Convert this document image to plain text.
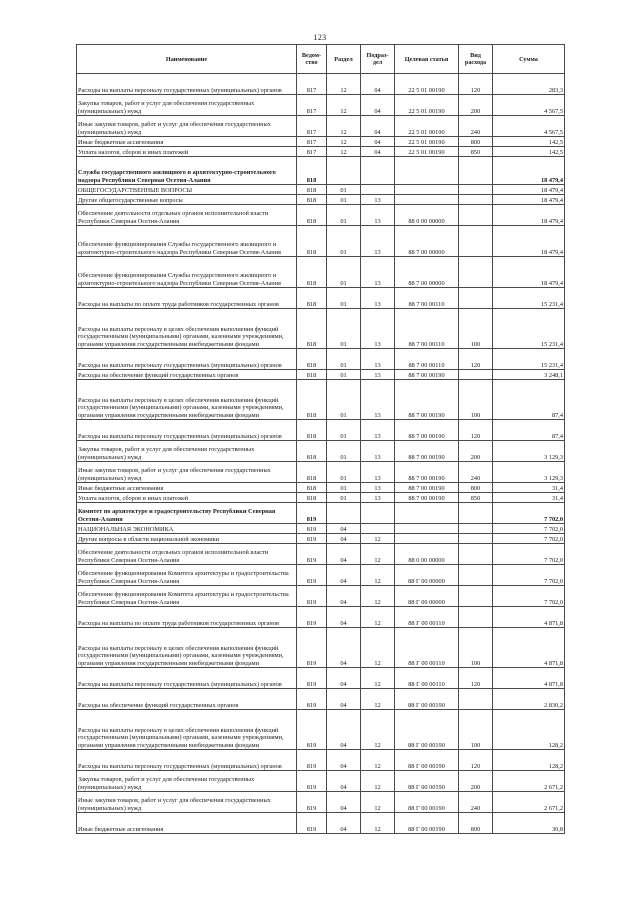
123
Наименование	Ведом-ство	Раздел	Подраз-дел	Целевая статья	Вид расхода	Сумма
Расходы на выплаты персоналу государственных (муниципальных) органов	817	12	04	22 5 01 00190	120	283,3
Закупка товаров, работ и услуг для обеспечения государственных (муниципальных) нужд	817	12	04	22 5 01 00190	200	4 567,5
Иные закупки товаров, работ и услуг для обеспечения государственных (муниципальных) нужд	817	12	04	22 5 01 00190	240	4 567,5
Иные бюджетные ассигнования	817	12	04	22 5 01 00190	800	142,5
Уплата налогов, сборов и иных платежей	817	12	04	22 5 01 00190	850	142,5
Служба государственного жилищного и архитектурно-строительного надзора Республики Северная Осетия-Алания	818					18 479,4
ОБЩЕГОСУДАРСТВЕННЫЕ ВОПРОСЫ	818	01				18 479,4
Другие общегосударственные вопросы	818	01	13			18 479,4
Обеспечение деятельности отдельных органов исполнительной власти Республики Северная Осетия-Алания	818	01	13	88 0 00 00000		18 479,4
Обеспечение функционирования Службы государственного жилищного и архитектурно-строительного надзора Республики Северная Осетия-Алания	818	01	13	88 7 00 00000		18 479,4
Обеспечение функционирования Службы государственного жилищного и архитектурно-строительного надзора Республики Северная Осетия-Алания	818	01	13	88 7 00 00000		18 479,4
Расходы на выплаты по оплате труда работников государственных органов	818	01	13	88 7 00 00110		15 231,4
Расходы на выплаты персоналу в целях обеспечения выполнения функций государственными (муниципальными) органами, казенными учреждениями, органами управления государственными внебюджетными фондами	818	01	13	88 7 00 00110	100	15 231,4
Расходы на выплаты персоналу государственных (муниципальных) органов	818	01	13	88 7 00 00110	120	15 231,4
Расходы на обеспечение функций государственных органов	818	01	13	88 7 00 00190		3 248,1
Расходы на выплаты персоналу в целях обеспечения выполнения функций государственными (муниципальными) органами, казенными учреждениями, органами управления государственными внебюджетными фондами	818	01	13	88 7 00 00190	100	87,4
Расходы на выплаты персоналу государственных (муниципальных) органов	818	01	13	88 7 00 00190	120	87,4
Закупка товаров, работ и услуг для обеспечения государственных (муниципальных) нужд	818	01	13	88 7 00 00190	200	3 129,3
Иные закупки товаров, работ и услуг для обеспечения государственных (муниципальных) нужд	818	01	13	88 7 00 00190	240	3 129,3
Иные бюджетные ассигнования	818	01	13	88 7 00 00190	800	31,4
Уплата налогов, сборов и иных платежей	818	01	13	88 7 00 00190	850	31,4
Комитет по архитектуре и градостроительству Республики Северная Осетия-Алания	819					7 702,0
НАЦИОНАЛЬНАЯ ЭКОНОМИКА	819	04				7 702,0
Другие вопросы в области национальной экономики	819	04	12			7 702,0
Обеспечение деятельности отдельных органов исполнительной власти Республики Северная Осетия-Алания	819	04	12	88 0 00 00000		7 702,0
Обеспечение функционирования Комитета архитектуры и градостроительства Республики Северная Осетия-Алания	819	04	12	88 Г 00 00000		7 702,0
Обеспечение функционирования Комитета архитектуры и градостроительства Республики Северная Осетия-Алания	819	04	12	88 Г 00 00000		7 702,0
Расходы на выплаты по оплате труда работников государственных органов	819	04	12	88 Г 00 00110		4 871,8
Расходы на выплаты персоналу в целях обеспечения выполнения функций государственными (муниципальными) органами, казенными учреждениями, органами управления государственными внебюджетными фондами	819	04	12	88 Г 00 00110	100	4 871,8
Расходы на выплаты персоналу государственных (муниципальных) органов	819	04	12	88 Г 00 00110	120	4 871,8
Расходы на обеспечение функций государственных органов	819	04	12	88 Г 00 00190		2 830,2
Расходы на выплаты персоналу в целях обеспечения выполнения функций государственными (муниципальными) органами, казенными учреждениями, органами управления государственными внебюджетными фондами	819	04	12	88 Г 00 00190	100	128,2
Расходы на выплаты персоналу государственных (муниципальных) органов	819	04	12	88 Г 00 00190	120	128,2
Закупка товаров, работ и услуг для обеспечения государственных (муниципальных) нужд	819	04	12	88 Г 00 00190	200	2 671,2
Иные закупки товаров, работ и услуг для обеспечения государственных (муниципальных) нужд	819	04	12	88 Г 00 00190	240	2 671,2
Иные бюджетные ассигнования	819	04	12	88 Г 00 00190	800	30,8
